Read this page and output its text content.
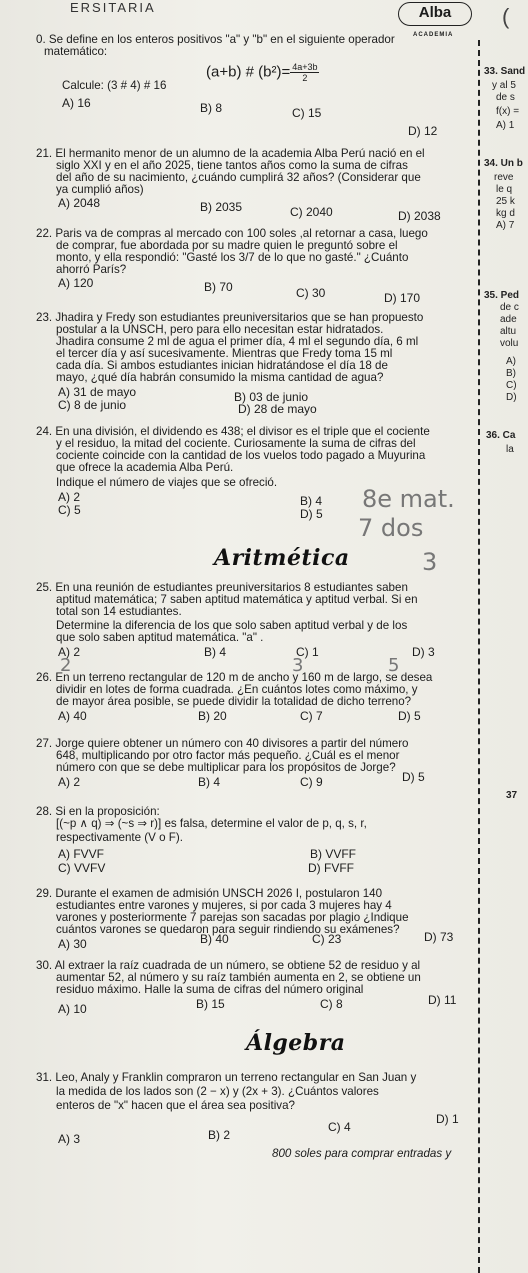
ERSITARIA	Alba
ACADEMIA
(
0. Se define en los enteros positivos "a" y "b" en el siguiente operador
matemático:
(a+b) # $(b^2)= \frac{4a+3b}{2}$
Calcule: (3 # 4) # 16
A) 16	B) 8	C) 15
D) 12
21. El hermanito menor de un alumno de la academia Alba Perú nació en el
siglo XXI y en el año 2025, tiene tantos años como la suma de cifras
del año de su nacimiento, ¿cuándo cumplirá 32 años? (Considerar que
ya cumplió años)
A) 2048	B) 2035	C) 2040	D) 2038
22. Paris va de compras al mercado con 100 soles ,al retornar a casa, luego
de comprar, fue abordada por su madre quien le preguntó sobre el
monto, y ella respondió: "Gasté los 3/7 de lo que no gasté." ¿Cuánto
ahorró París?
A) 120	B) 70	C) 30	D) 170
23. Jhadira y Fredy son estudiantes preuniversitarios que se han propuesto
postular a la UNSCH, pero para ello necesitan estar hidratados.
Jhadira consume 2 ml de agua el primer día, 4 ml el segundo día, 6 ml
el tercer día y así sucesivamente. Mientras que Fredy toma 15 ml
cada día. Si ambos estudiantes inician hidratándose el día 18 de
mayo, ¿qué día habrán consumido la misma cantidad de agua?
A) 31 de mayo	B) 03 de junio
C) 8 de junio	D) 28 de mayo
24. En una división, el dividendo es 438; el divisor es el triple que el cociente
y el residuo, la mitad del cociente. Curiosamente la suma de cifras del
cociente coincide con la cantidad de los vuelos todo pagado a Muyurina
que ofrece la academia Alba Perú.
Indique el número de viajes que se ofreció.
A) 2	B) 4
C) 5	D) 5
8e mat.
7 dos
Aritmética	3
25. En una reunión de estudiantes preuniversitarios 8 estudiantes saben
aptitud matemática; 7 saben aptitud matemática y aptitud verbal. Si en
total son 14 estudiantes.
Determine la diferencia de los que solo saben aptitud verbal y de los
que solo saben aptitud matemática. "a" .
A) 2	B) 4	C) 1	D) 3
2	3	5
26. En un terreno rectangular de 120 m de ancho y 160 m de largo, se desea
dividir en lotes de forma cuadrada. ¿En cuántos lotes como máximo, y
de mayor área posible, se puede dividir la totalidad de dicho terreno?
A) 40	B) 20	C) 7	D) 5
27. Jorge quiere obtener un número con 40 divisores a partir del número
648, multiplicando por otro factor más pequeño. ¿Cuál es el menor
número con que se debe multiplicar para los propósitos de Jorge?
A) 2	B) 4	C) 9	D) 5
28. Si en la proposición:
[(~p ∧ q) ⇒ (~s ⇒ r)] es falsa, determine el valor de p, q, s, r,
respectivamente (V o F).
A) FVVF	B) VVFF
C) VVFV	D) FVFF
29. Durante el examen de admisión UNSCH 2026 I, postularon 140
estudiantes entre varones y mujeres, si por cada 3 mujeres hay 4
varones y posteriormente 7 parejas son sacadas por plagio ¿Indique
cuántos varones se quedaron para seguir rindiendo su exámenes?
A) 30	B) 40	C) 23	D) 73
30. Al extraer la raíz cuadrada de un número, se obtiene 52 de residuo y al
aumentar 52, al número y su raíz también aumenta en 2, se obtiene un
residuo máximo. Halle la suma de cifras del número original
A) 10	B) 15	C) 8	D) 11
Álgebra
31. Leo, Analy y Franklin compraron un terreno rectangular en San Juan y
la medida de los lados son (2 − x) y (2x + 3). ¿Cuántos valores
enteros de "x" hacen que el área sea positiva?
A) 3	B) 2
C) 4
D) 1
800 soles para comprar entradas y
33. Sand
y al 5
de s
f(x) =
A) 1
34. Un b
reve
le q
25 k
kg d
A) 7
35. Ped
de c
ade
altu
volu
A)
B)
C)
D)
36. Ca
la
37
